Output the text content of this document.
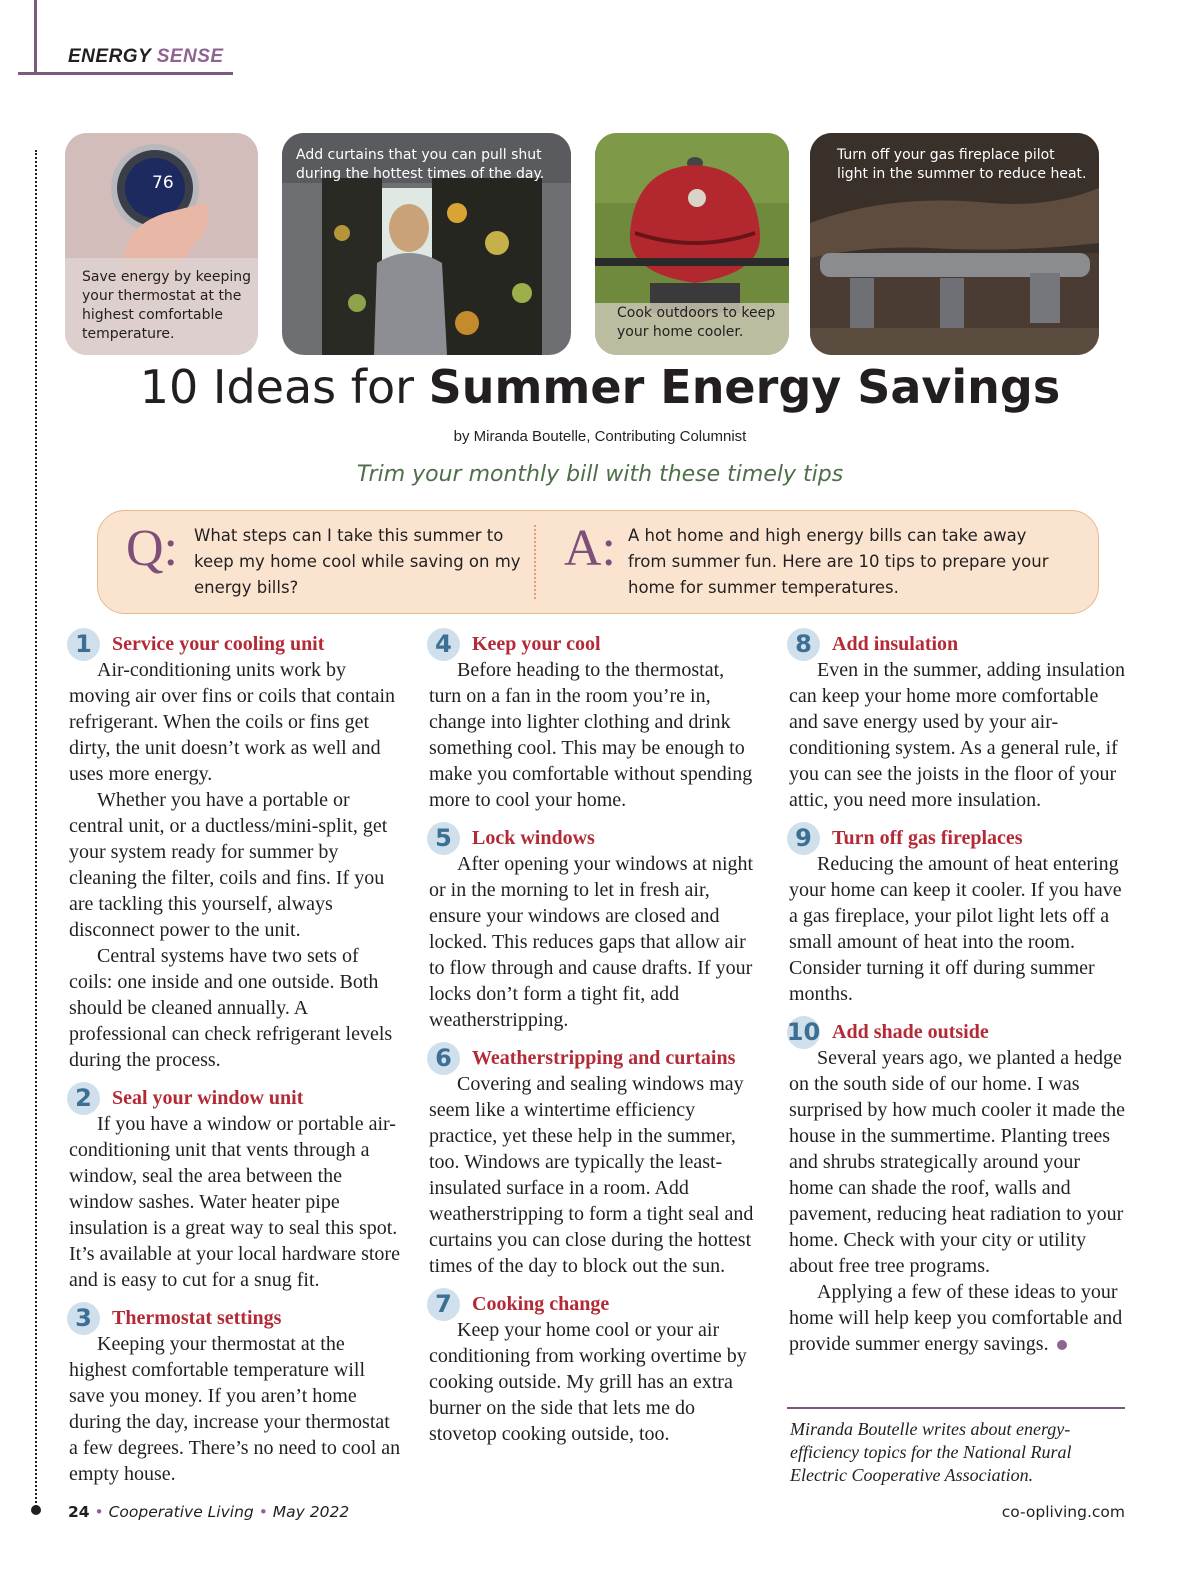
ENERGY SENSE
76
Save energy by keeping your thermostat at the highest comfortable temperature.
Add curtains that you can pull shut during the hottest times of the day.
Cook outdoors to keep your home cooler.
Turn off your gas fireplace pilot light in the summer to reduce heat.
10 Ideas for Summer Energy Savings
by Miranda Boutelle, Contributing Columnist
Trim your monthly bill with these timely tips
Q: What steps can I take this summer to keep my home cool while saving on my energy bills?
A: A hot home and high energy bills can take away from summer fun. Here are 10 tips to prepare your home for summer temperatures.
1	Service your cooling unit

Air-conditioning units work by moving air over fins or coils that contain refrigerant. When the coils or fins get dirty, the unit doesn’t work as well and uses more energy.

Whether you have a portable or central unit, or a ductless/mini-split, get your system ready for summer by cleaning the filter, coils and fins. If you are tackling this yourself, always disconnect power to the unit.

Central systems have two sets of coils: one inside and one outside. Both should be cleaned annually. A professional can check refrigerant levels during the process.

2	Seal your window unit

If you have a window or portable air-conditioning unit that vents through a window, seal the area between the window sashes. Water heater pipe insulation is a great way to seal this spot. It’s available at your local hardware store and is easy to cut for a snug fit.

3	Thermostat settings

Keeping your thermostat at the highest comfortable temperature will save you money. If you aren’t home during the day, increase your thermostat a few degrees. There’s no need to cool an empty house.

4	Keep your cool

Before heading to the thermostat, turn on a fan in the room you’re in, change into lighter clothing and drink something cool. This may be enough to make you comfortable without spending more to cool your home.

5	Lock windows

After opening your windows at night or in the morning to let in fresh air, ensure your windows are closed and locked. This reduces gaps that allow air to flow through and cause drafts. If your locks don’t form a tight fit, add weatherstripping.

6	Weatherstripping and curtains

Covering and sealing windows may seem like a wintertime efficiency practice, yet these help in the summer, too. Windows are typically the least-insulated surface in a room. Add weatherstripping to form a tight seal and curtains you can close during the hottest times of the day to block out the sun.

7	Cooking change

Keep your home cool or your air conditioning from working overtime by cooking outside. My grill has an extra burner on the side that lets me do stovetop cooking outside, too.

8	Add insulation

Even in the summer, adding insulation can keep your home more comfortable and save energy used by your air-conditioning system. As a general rule, if you can see the joists in the floor of your attic, you need more insulation.

9	Turn off gas fireplaces

Reducing the amount of heat entering your home can keep it cooler. If you have a gas fireplace, your pilot light lets off a small amount of heat into the room. Consider turning it off during summer months.

10 Add shade outside

Several years ago, we planted a hedge on the south side of our home. I was surprised by how much cooler it made the house in the summertime. Planting trees and shrubs strategically around your home can shade the roof, walls and pavement, reducing heat radiation to your home. Check with your city or utility about free tree programs.

Applying a few of these ideas to your home will help keep you comfortable and provide summer energy savings.

Miranda Boutelle writes about energy-efficiency topics for the National Rural Electric Cooperative Association.
24 • Cooperative Living • May 2022	co-opliving.com
